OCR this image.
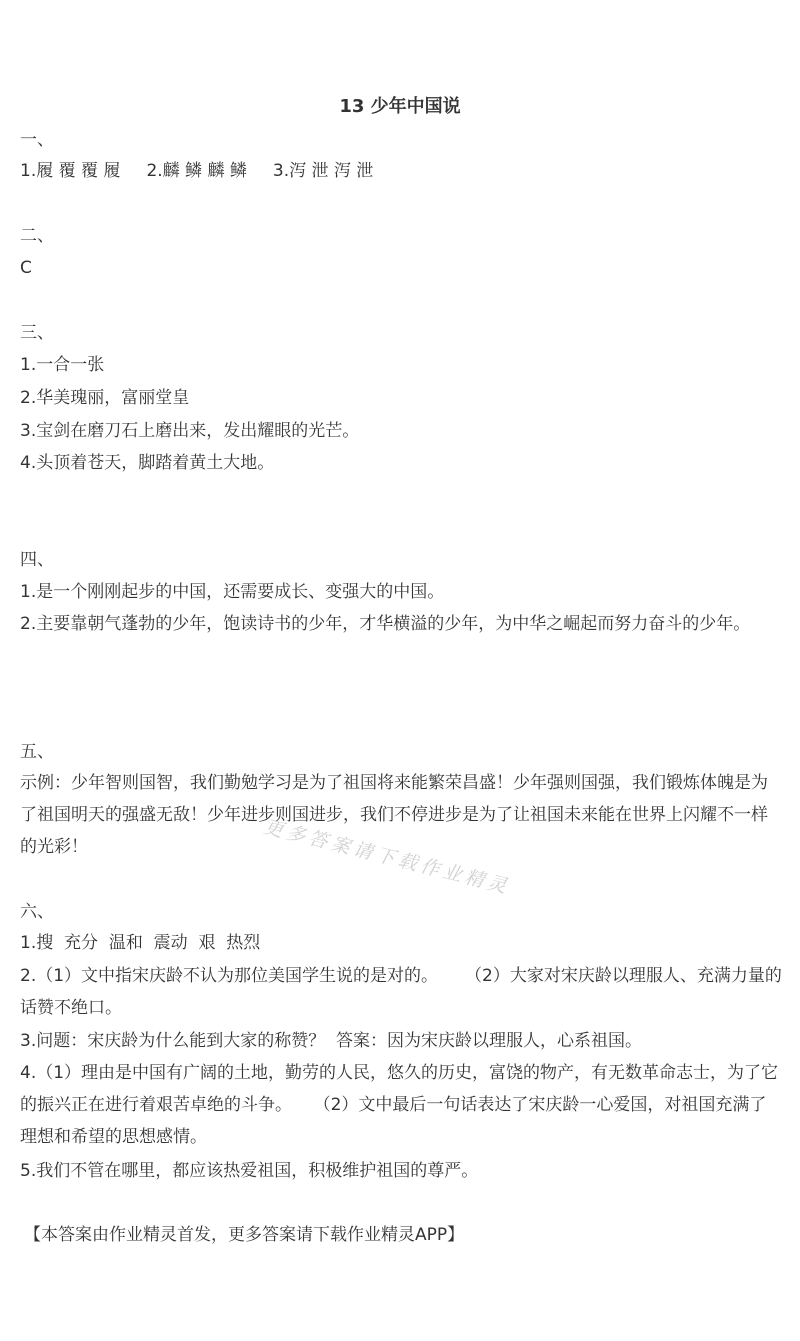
13 少年中国说
一、
1.履 覆 覆 履 2.麟 鳞 麟 鳞 3.泻 泄 泻 泄
二、
C
三、
1.一合一张
2.华美瑰丽，富丽堂皇
3.宝剑在磨刀石上磨出来，发出耀眼的光芒。
4.头顶着苍天，脚踏着黄土大地。
四、
1.是一个刚刚起步的中国，还需要成长、变强大的中国。
2.主要靠朝气蓬勃的少年，饱读诗书的少年，才华横溢的少年，为中华之崛起而努力奋斗的少年。
五、
示例：少年智则国智，我们勤勉学习是为了祖国将来能繁荣昌盛！少年强则国强，我们锻炼体魄是为了祖国明天的强盛无敌！少年进步则国进步，我们不停进步是为了让祖国未来能在世界上闪耀不一样的光彩！
六、
1.搜  充分  温和  震动  艰  热烈
2.（1）文中指宋庆龄不认为那位美国学生说的是对的。     （2）大家对宋庆龄以理服人、充满力量的话赞不绝口。
3.问题：宋庆龄为什么能到大家的称赞？  答案：因为宋庆龄以理服人，心系祖国。
4.（1）理由是中国有广阔的土地，勤劳的人民，悠久的历史，富饶的物产，有无数革命志士，为了它的振兴正在进行着艰苦卓绝的斗争。    （2）文中最后一句话表达了宋庆龄一心爱国，对祖国充满了理想和希望的思想感情。
5.我们不管在哪里，都应该热爱祖国，积极维护祖国的尊严。
【本答案由作业精灵首发，更多答案请下载作业精灵APP】
更多答案请下载作业精灵
